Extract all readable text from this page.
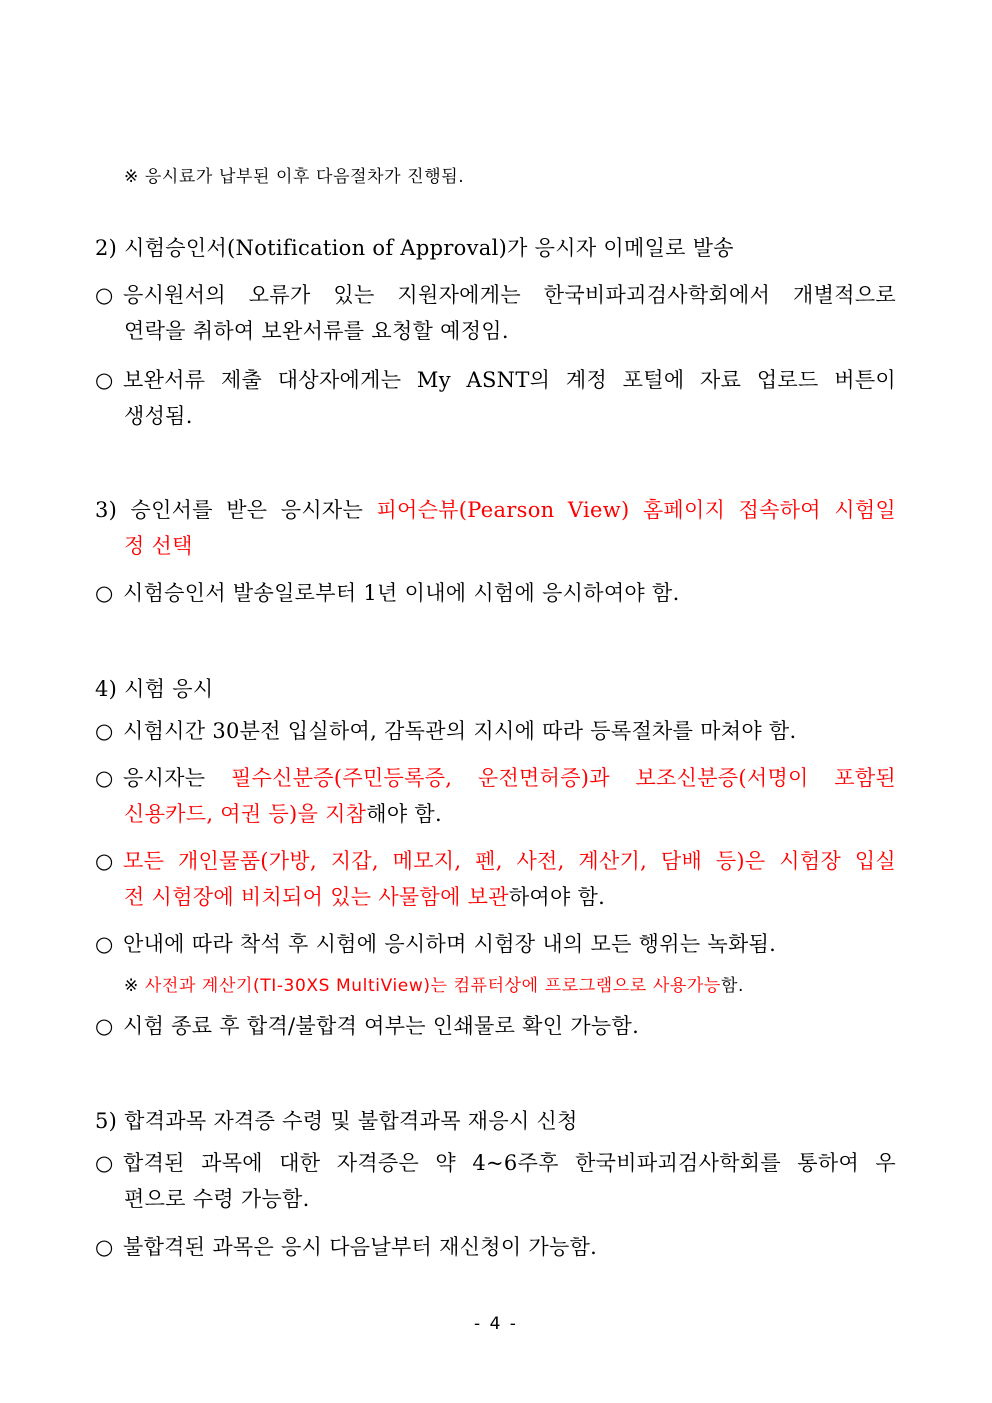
※ 응시료가 납부된 이후 다음절차가 진행됨.
2) 시험승인서(Notification of Approval)가 응시자 이메일로 발송
○ 응시원서의 오류가 있는 지원자에게는 한국비파괴검사학회에서 개별적으로
연락을 취하여 보완서류를 요청할 예정임.
○ 보완서류 제출 대상자에게는 My ASNT의 계정 포털에 자료 업로드 버튼이
생성됨.
3) 승인서를 받은 응시자는 피어슨뷰(Pearson View) 홈페이지 접속하여 시험일
정 선택
○ 시험승인서 발송일로부터 1년 이내에 시험에 응시하여야 함.
4) 시험 응시
○ 시험시간 30분전 입실하여, 감독관의 지시에 따라 등록절차를 마쳐야 함.
○ 응시자는 필수신분증(주민등록증, 운전면허증)과 보조신분증(서명이 포함된
신용카드, 여권 등)을 지참해야 함.
○ 모든 개인물품(가방, 지갑, 메모지, 펜, 사전, 계산기, 담배 등)은 시험장 입실
전 시험장에 비치되어 있는 사물함에 보관하여야 함.
○ 안내에 따라 착석 후 시험에 응시하며 시험장 내의 모든 행위는 녹화됨.
※ 사전과 계산기(TI-30XS MultiView)는 컴퓨터상에 프로그램으로 사용가능함.
○ 시험 종료 후 합격/불합격 여부는 인쇄물로 확인 가능함.
5) 합격과목 자격증 수령 및 불합격과목 재응시 신청
○ 합격된 과목에 대한 자격증은 약 4~6주후 한국비파괴검사학회를 통하여 우
편으로 수령 가능함.
○ 불합격된 과목은 응시 다음날부터 재신청이 가능함.
- 4 -
